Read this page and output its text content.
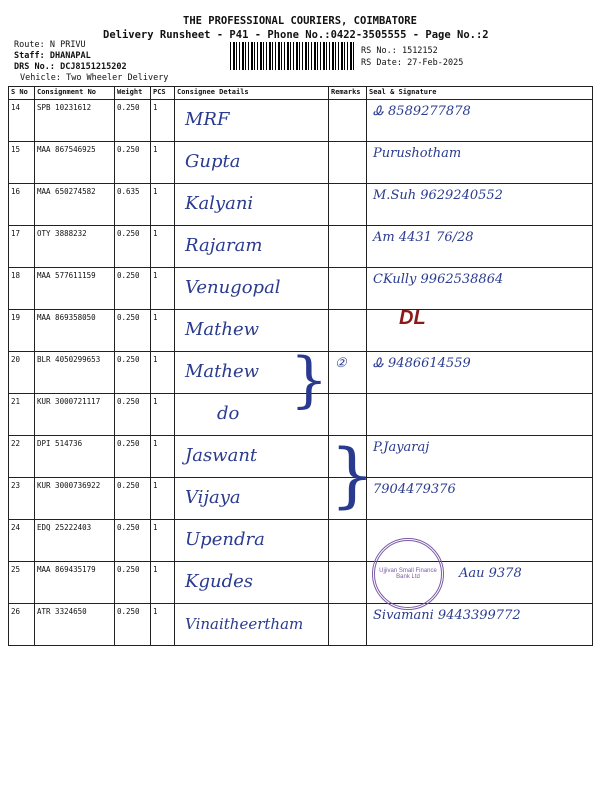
THE PROFESSIONAL COURIERS, COIMBATORE
Delivery Runsheet - P41 - Phone No.:0422-3505555 - Page No.:2
Route: N PRIVU
Staff: DHANAPAL
DRS No.: DCJ8151215202
Vehicle: Two Wheeler Delivery
RS No.: 1512152
RS Date: 27-Feb-2025
S No	Consignment No	Weight	PCS	Consignee Details	Remarks	Seal & Signature
14	SPB 10231612	0.250	1	MRF		Ꮂ 8589277878

15	MAA 867546925	0.250	1	Gupta		Purushotham

16	MAA 650274582	0.635	1	Kalyani		M.Suh 9629240552

17	OTY 3888232	0.250	1	Rajaram		Am 4431 76/28

18	MAA 577611159	0.250	1	Venugopal		CKully 9962538864

19	MAA 869358050	0.250	1	Mathew		DL
20	BLR 4050299653	0.250	1	Mathew	②	Ꮂ 9486614559

21	KUR 3000721117	0.250	1	do		

22	DPI 514736	0.250	1	Jaswant		P.Jayaraj

23	KUR 3000736922	0.250	1	Vijaya		7904479376

24	EDQ 25222403	0.250	1	Upendra		

25	MAA 869435179	0.250	1	Kgudes		Aau 9378

26	ATR 3324650	0.250	1	Vinaitheertham		Sivamani 9443399772
}
}
Ujjivan Small Finance Bank Ltd
